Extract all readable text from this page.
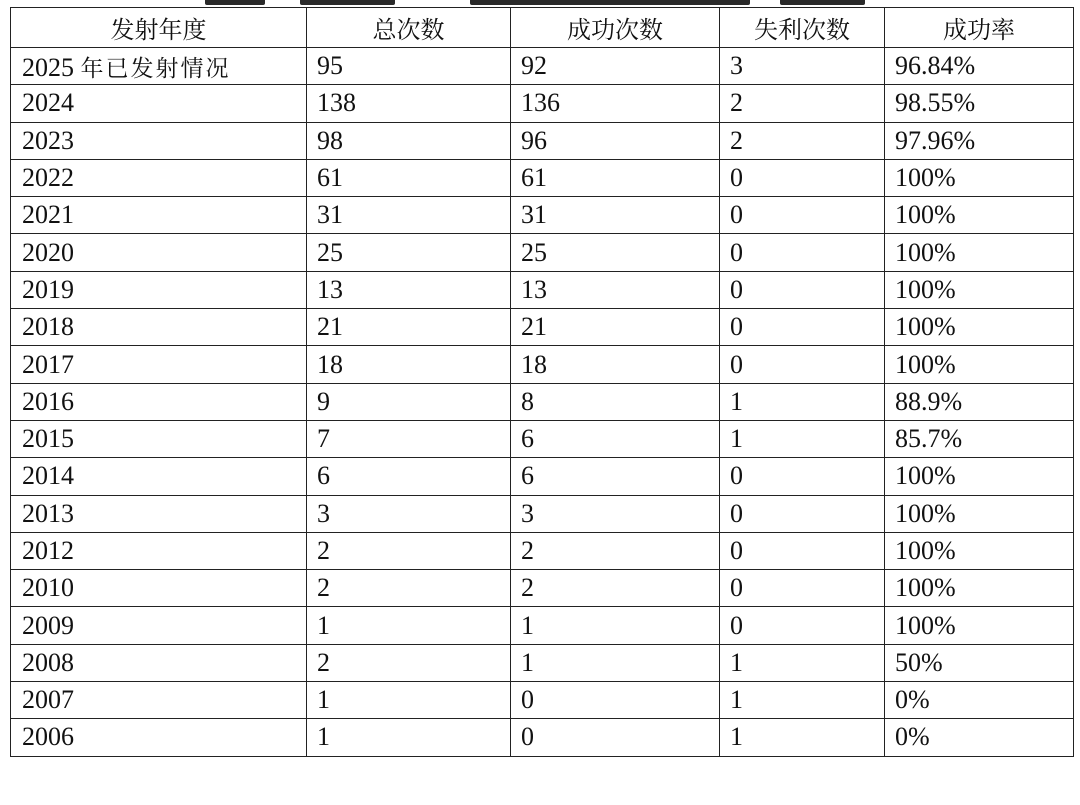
发射年度	总次数	成功次数	失利次数	成功率
2025 年已发射情况	95	92	3	96.84%
2024	138	136	2	98.55%
2023	98	96	2	97.96%
2022	61	61	0	100%
2021	31	31	0	100%
2020	25	25	0	100%
2019	13	13	0	100%
2018	21	21	0	100%
2017	18	18	0	100%
2016	9	8	1	88.9%
2015	7	6	1	85.7%
2014	6	6	0	100%
2013	3	3	0	100%
2012	2	2	0	100%
2010	2	2	0	100%
2009	1	1	0	100%
2008	2	1	1	50%
2007	1	0	1	0%
2006	1	0	1	0%
